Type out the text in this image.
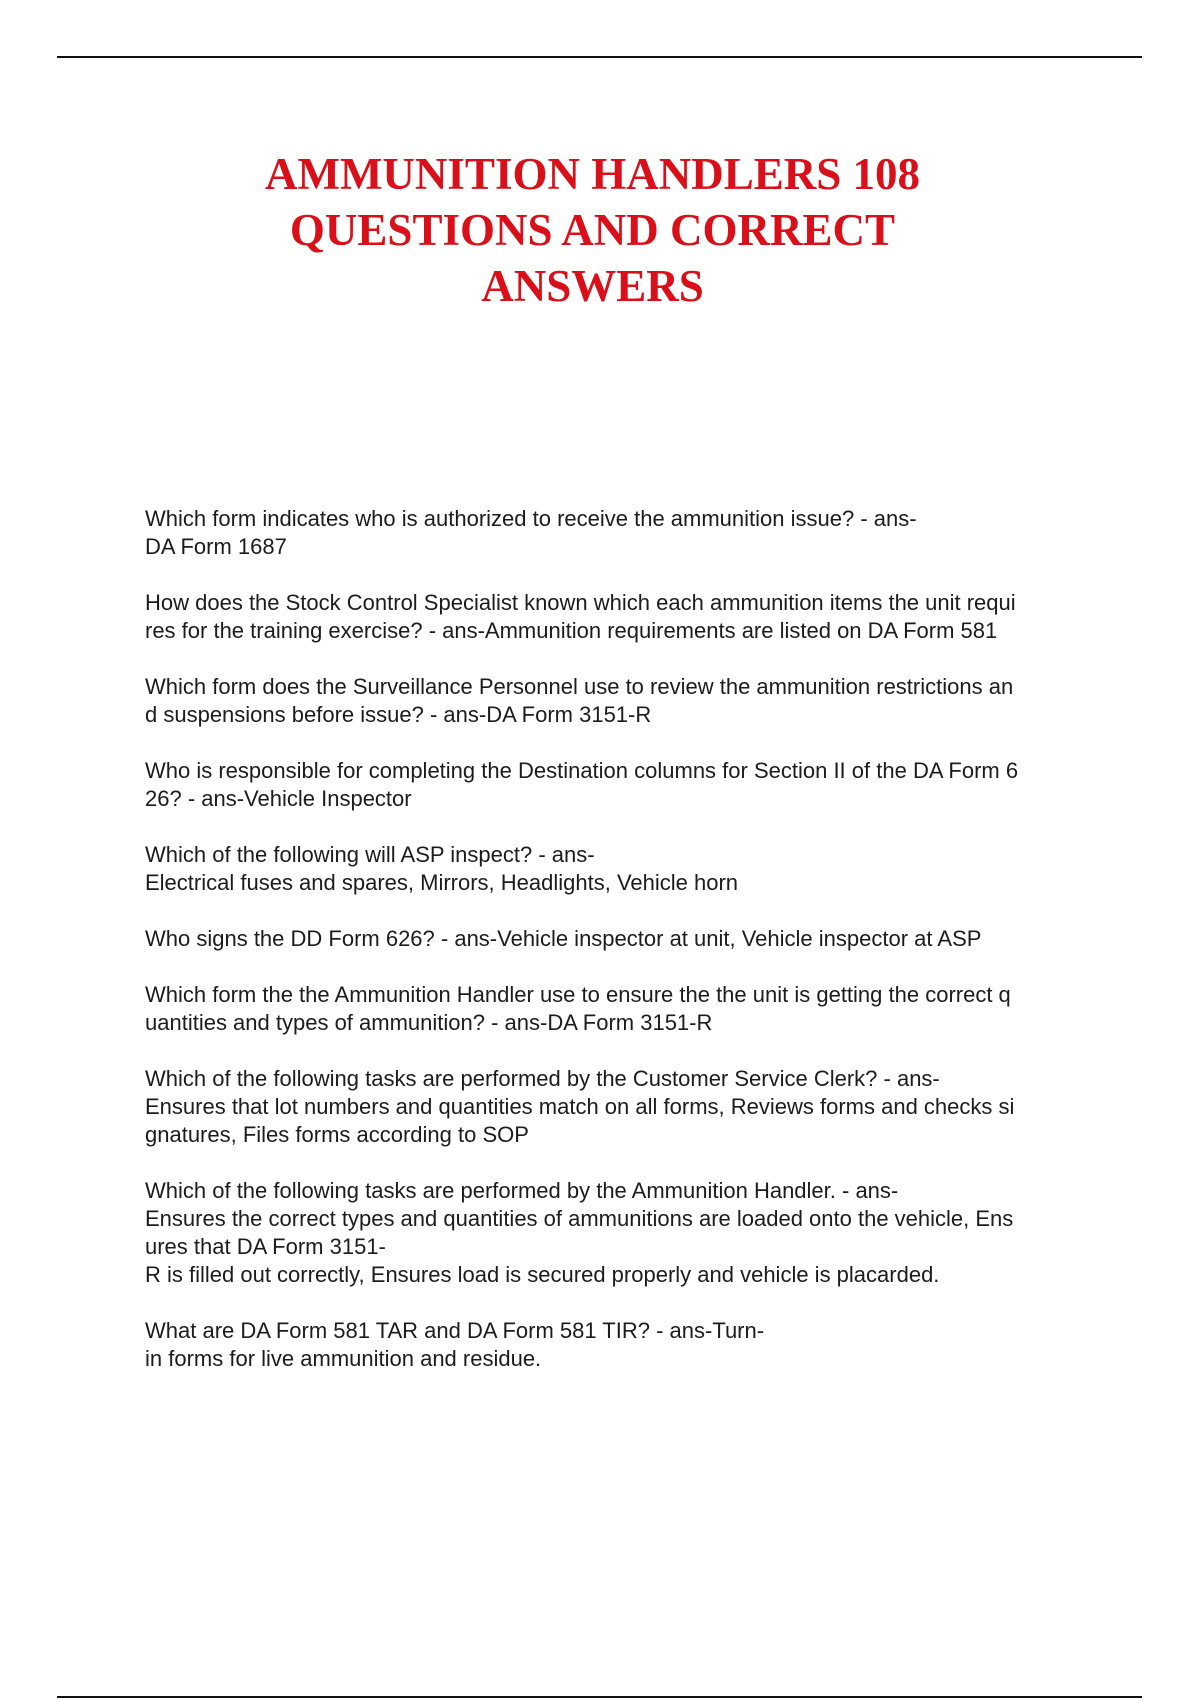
AMMUNITION HANDLERS 108
QUESTIONS AND CORRECT
ANSWERS
Which form indicates who is authorized to receive the ammunition issue? - ans-
DA Form 1687
How does the Stock Control Specialist known which each ammunition items the unit requi
res for the training exercise? - ans-Ammunition requirements are listed on DA Form 581
Which form does the Surveillance Personnel use to review the ammunition restrictions an
d suspensions before issue? - ans-DA Form 3151-R
Who is responsible for completing the Destination columns for Section II of the DA Form 6
26? - ans-Vehicle Inspector
Which of the following will ASP inspect? - ans-
Electrical fuses and spares, Mirrors, Headlights, Vehicle horn
Who signs the DD Form 626? - ans-Vehicle inspector at unit, Vehicle inspector at ASP
Which form the the Ammunition Handler use to ensure the the unit is getting the correct q
uantities and types of ammunition? - ans-DA Form 3151-R
Which of the following tasks are performed by the Customer Service Clerk? - ans-
Ensures that lot numbers and quantities match on all forms, Reviews forms and checks si
gnatures, Files forms according to SOP
Which of the following tasks are performed by the Ammunition Handler. - ans-
Ensures the correct types and quantities of ammunitions are loaded onto the vehicle, Ens
ures that DA Form 3151-
R is filled out correctly, Ensures load is secured properly and vehicle is placarded.
What are DA Form 581 TAR and DA Form 581 TIR? - ans-Turn-
in forms for live ammunition and residue.
